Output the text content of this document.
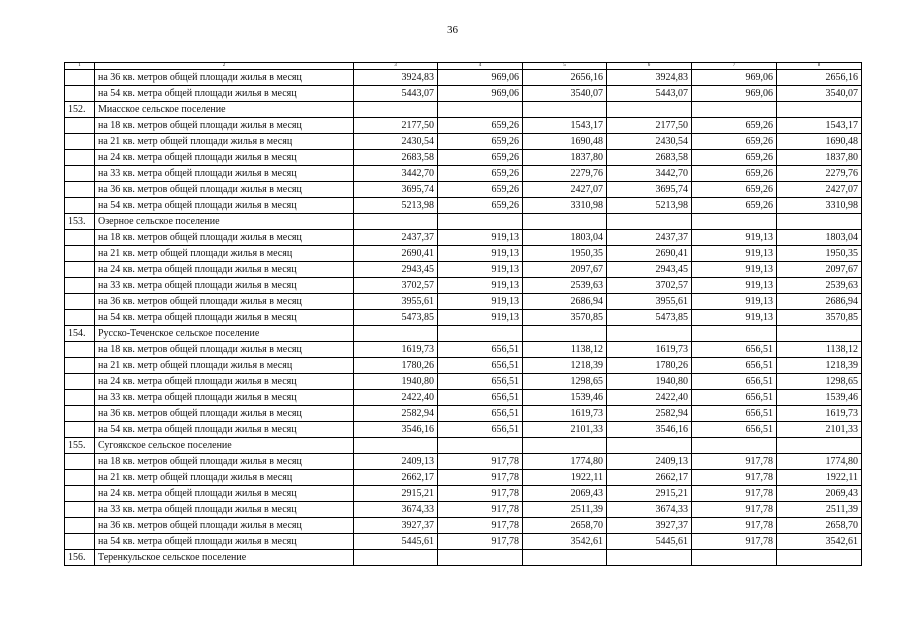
36
1	2	3	4	5	6	7	8
	на 36 кв. метров общей площади жилья в месяц	3924,83	969,06	2656,16	3924,83	969,06	2656,16
	на 54 кв. метра общей площади жилья в месяц	5443,07	969,06	3540,07	5443,07	969,06	3540,07
152.	Миасское сельское поселение						
	на 18 кв. метров общей площади жилья в месяц	2177,50	659,26	1543,17	2177,50	659,26	1543,17
	на 21 кв. метр общей площади жилья в месяц	2430,54	659,26	1690,48	2430,54	659,26	1690,48
	на 24 кв. метра общей площади жилья в месяц	2683,58	659,26	1837,80	2683,58	659,26	1837,80
	на 33 кв. метра общей площади жилья в месяц	3442,70	659,26	2279,76	3442,70	659,26	2279,76
	на 36 кв. метров общей площади жилья в месяц	3695,74	659,26	2427,07	3695,74	659,26	2427,07
	на 54 кв. метра общей площади жилья в месяц	5213,98	659,26	3310,98	5213,98	659,26	3310,98
153.	Озерное сельское поселение						
	на 18 кв. метров общей площади жилья в месяц	2437,37	919,13	1803,04	2437,37	919,13	1803,04
	на 21 кв. метр общей площади жилья в месяц	2690,41	919,13	1950,35	2690,41	919,13	1950,35
	на 24 кв. метра общей площади жилья в месяц	2943,45	919,13	2097,67	2943,45	919,13	2097,67
	на 33 кв. метра общей площади жилья в месяц	3702,57	919,13	2539,63	3702,57	919,13	2539,63
	на 36 кв. метров общей площади жилья в месяц	3955,61	919,13	2686,94	3955,61	919,13	2686,94
	на 54 кв. метра общей площади жилья в месяц	5473,85	919,13	3570,85	5473,85	919,13	3570,85
154.	Русско-Теченское сельское поселение						
	на 18 кв. метров общей площади жилья в месяц	1619,73	656,51	1138,12	1619,73	656,51	1138,12
	на 21 кв. метр общей площади жилья в месяц	1780,26	656,51	1218,39	1780,26	656,51	1218,39
	на 24 кв. метра общей площади жилья в месяц	1940,80	656,51	1298,65	1940,80	656,51	1298,65
	на 33 кв. метра общей площади жилья в месяц	2422,40	656,51	1539,46	2422,40	656,51	1539,46
	на 36 кв. метров общей площади жилья в месяц	2582,94	656,51	1619,73	2582,94	656,51	1619,73
	на 54 кв. метра общей площади жилья в месяц	3546,16	656,51	2101,33	3546,16	656,51	2101,33
155.	Сугоякское сельское поселение						
	на 18 кв. метров общей площади жилья в месяц	2409,13	917,78	1774,80	2409,13	917,78	1774,80
	на 21 кв. метр общей площади жилья в месяц	2662,17	917,78	1922,11	2662,17	917,78	1922,11
	на 24 кв. метра общей площади жилья в месяц	2915,21	917,78	2069,43	2915,21	917,78	2069,43
	на 33 кв. метра общей площади жилья в месяц	3674,33	917,78	2511,39	3674,33	917,78	2511,39
	на 36 кв. метров общей площади жилья в месяц	3927,37	917,78	2658,70	3927,37	917,78	2658,70
	на 54 кв. метра общей площади жилья в месяц	5445,61	917,78	3542,61	5445,61	917,78	3542,61
156.	Теренкульское сельское поселение						
